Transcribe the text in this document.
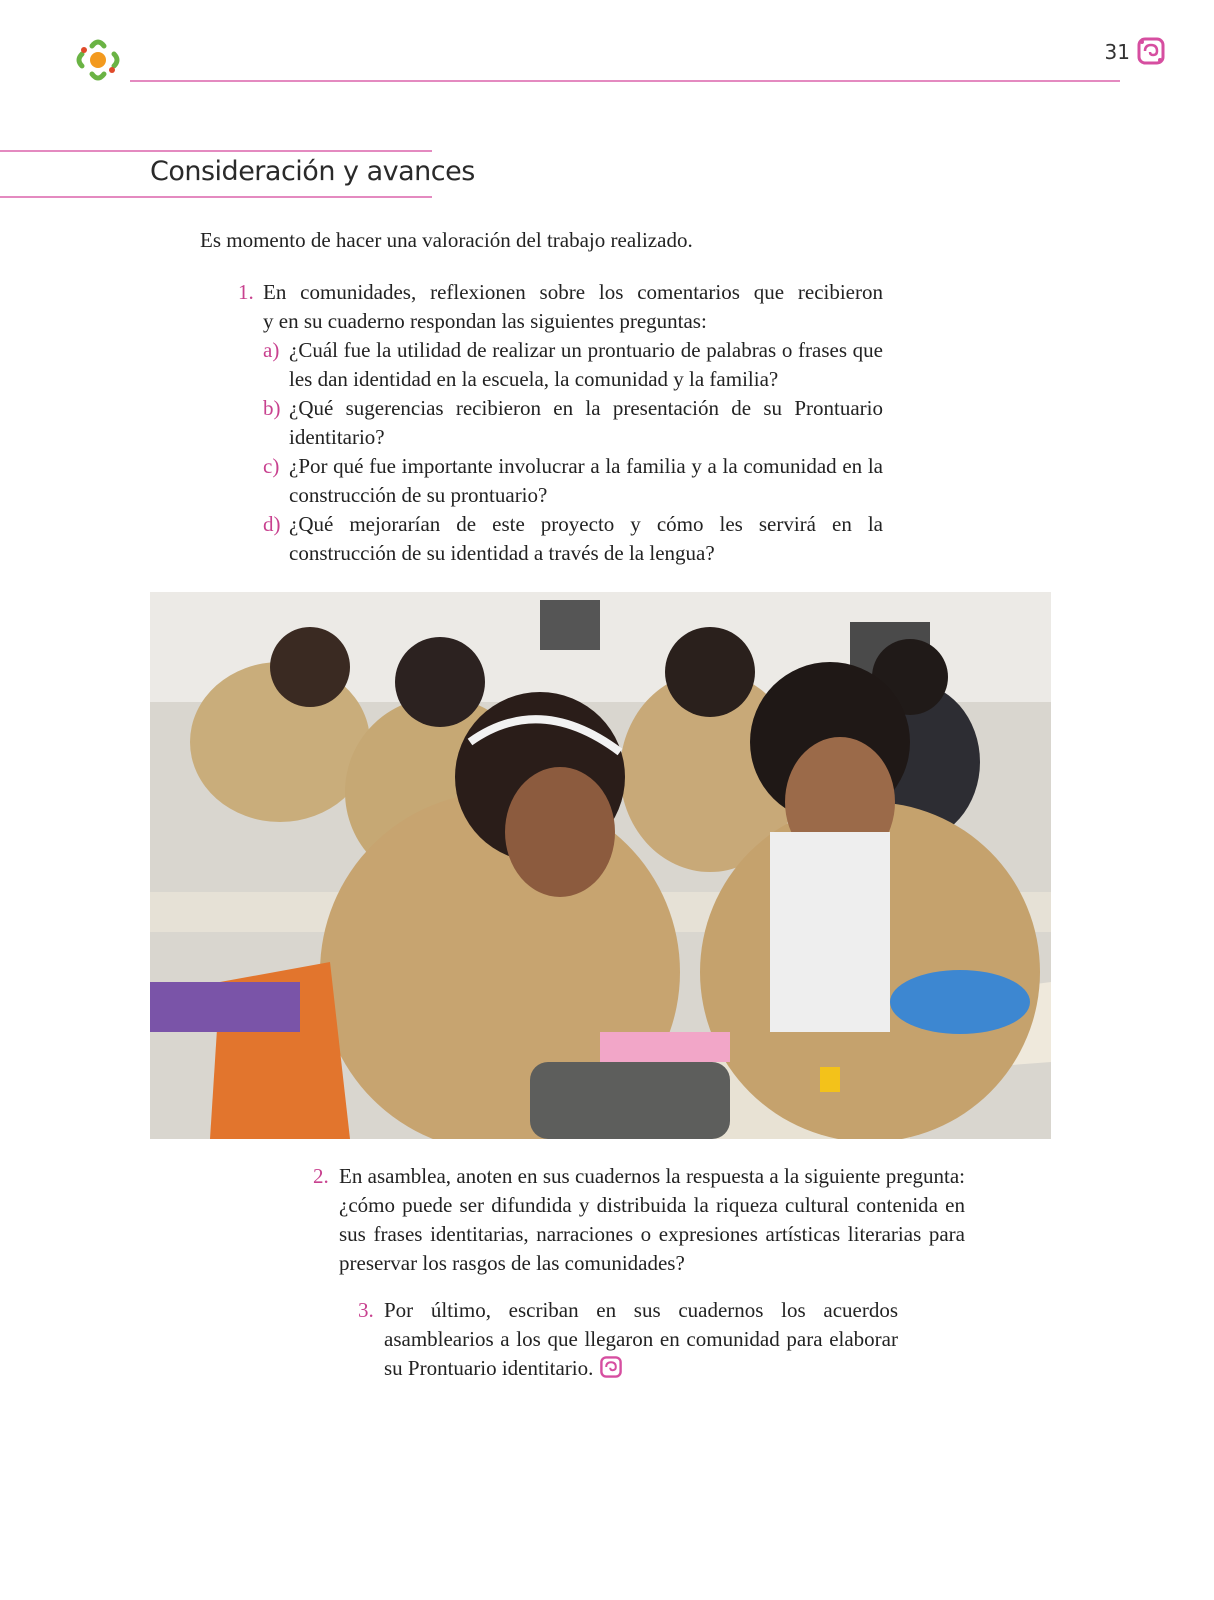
31
Consideración y avances
Es momento de hacer una valoración del trabajo realizado.
1. En comunidades, reflexionen sobre los comentarios que recibieron
y en su cuaderno respondan las siguientes preguntas:
a) ¿Cuál fue la utilidad de realizar un prontuario de palabras o frases que les dan identidad en la escuela, la comunidad y la familia?
b) ¿Qué sugerencias recibieron en la presentación de su Prontuario identitario?
c) ¿Por qué fue importante involucrar a la familia y a la comunidad en la construcción de su prontuario?
d) ¿Qué mejorarían de este proyecto y cómo les servirá en la construcción de su identidad a través de la lengua?
2. En asamblea, anoten en sus cuadernos la respuesta a la siguiente pregunta: ¿cómo puede ser difundida y distribuida la riqueza cultural contenida en sus frases identitarias, narraciones o expresiones artísticas literarias para preservar los rasgos de las comunidades?
3. Por último, escriban en sus cuadernos los acuerdos asamblearios a los que llegaron en comunidad para elaborar su Prontuario identitario.
